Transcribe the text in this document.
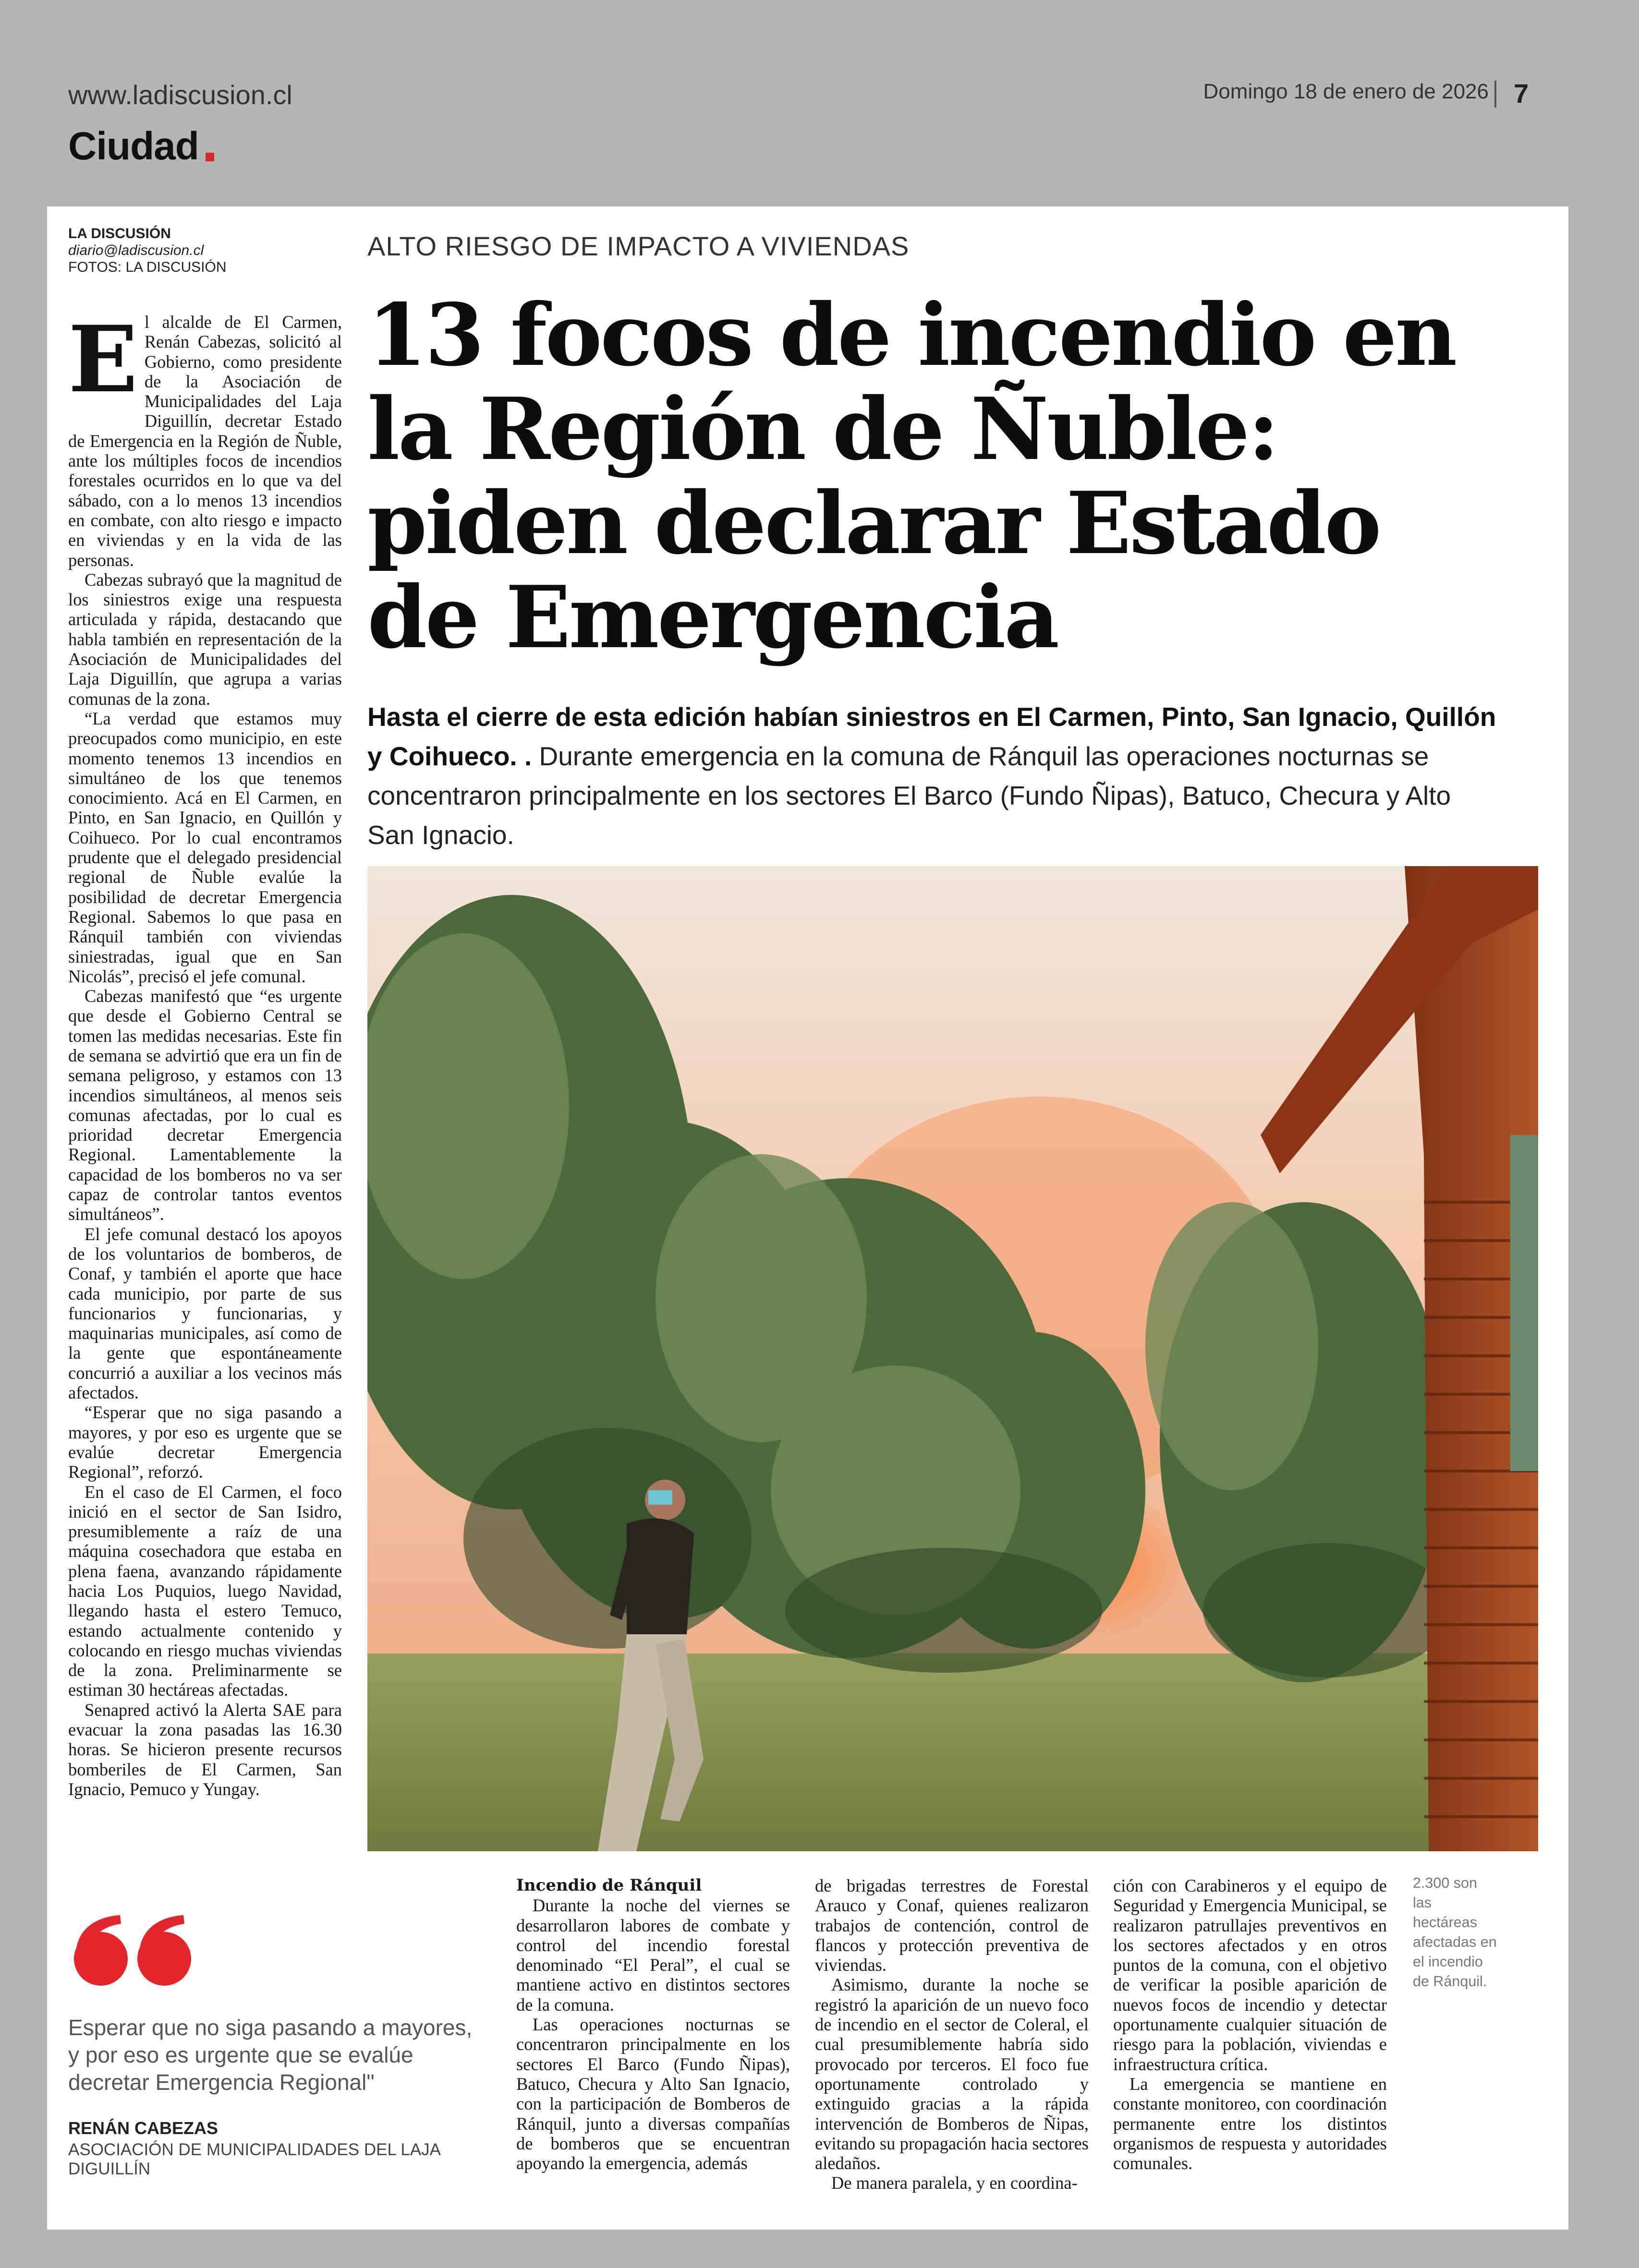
www.ladiscusion.cl	Domingo 18 de enero de 2026 7
Ciudad
LA DISCUSIÓN
diario@ladiscusion.cl
FOTOS: LA DISCUSIÓN
ALTO RIESGO DE IMPACTO A VIVIENDAS
13 focos de incendio en la Región de Ñuble: piden declarar Estado de Emergencia
Hasta el cierre de esta edición habían siniestros en El Carmen, Pinto, San Ignacio, Quillón y Coihueco. . Durante emergencia en la comuna de Ránquil las operaciones nocturnas se concentraron principalmente en los sectores El Barco (Fundo Ñipas), Batuco, Checura y Alto San Ignacio.
E l alcalde de El Carmen, Renán Cabezas, solicitó al Gobierno, como presidente de la Asociación de Municipalidades del Laja Diguillín, decretar Estado de Emergencia en la Región de Ñuble, ante los múltiples focos de incendios forestales ocurridos en lo que va del sábado, con a lo menos 13 incendios en combate, con alto riesgo e impacto en viviendas y en la vida de las personas.

Cabezas subrayó que la magnitud de los siniestros exige una respuesta articulada y rápida, destacando que habla también en representación de la Asociación de Municipalidades del Laja Diguillín, que agrupa a varias comunas de la zona.

“La verdad que estamos muy preocupados como municipio, en este momento tenemos 13 incendios en simultáneo de los que tenemos conocimiento. Acá en El Carmen, en Pinto, en San Ignacio, en Quillón y Coihueco. Por lo cual encontramos prudente que el delegado presidencial regional de Ñuble evalúe la posibilidad de decretar Emergencia Regional. Sabemos lo que pasa en Ránquil también con viviendas siniestradas, igual que en San Nicolás”, precisó el jefe comunal.

Cabezas manifestó que “es urgente que desde el Gobierno Central se tomen las medidas necesarias. Este fin de semana se advirtió que era un fin de semana peligroso, y estamos con 13 incendios simultáneos, al menos seis comunas afectadas, por lo cual es prioridad decretar Emergencia Regional. Lamentablemente la capacidad de los bomberos no va ser capaz de controlar tantos eventos simultáneos”.

El jefe comunal destacó los apoyos de los voluntarios de bomberos, de Conaf, y también el aporte que hace cada municipio, por parte de sus funcionarios y funcionarias, y maquinarias municipales, así como de la gente que espontáneamente concurrió a auxiliar a los vecinos más afectados.

“Esperar que no siga pasando a mayores, y por eso es urgente que se evalúe decretar Emergencia Regional”, reforzó.

En el caso de El Carmen, el foco inició en el sector de San Isidro, presumiblemente a raíz de una máquina cosechadora que estaba en plena faena, avanzando rápidamente hacia Los Puquios, luego Navidad, llegando hasta el estero Temuco, estando actualmente contenido y colocando en riesgo muchas viviendas de la zona. Preliminarmente se estiman 30 hectáreas afectadas.

Senapred activó la Alerta SAE para evacuar la zona pasadas las 16.30 horas. Se hicieron presente recursos bomberiles de El Carmen, San Ignacio, Pemuco y Yungay.

Esperar que no siga pasando a mayores, y por eso es urgente que se evalúe decretar Emergencia Regional"
RENÁN CABEZAS
ASOCIACIÓN DE MUNICIPALIDADES DEL LAJA DIGUILLÍN
2.300 son las hectáreas afectadas en el incendio de Ránquil.
Incendio de Ránquil

Durante la noche del viernes se desarrollaron labores de combate y control del incendio forestal denominado “El Peral”, el cual se mantiene activo en distintos sectores de la comuna.

Las operaciones nocturnas se concentraron principalmente en los sectores El Barco (Fundo Ñipas), Batuco, Checura y Alto San Ignacio, con la participación de Bomberos de Ránquil, junto a diversas compañías de bomberos que se encuentran apoyando la emergencia, además

de brigadas terrestres de Forestal Arauco y Conaf, quienes realizaron trabajos de contención, control de flancos y protección preventiva de viviendas.

Asimismo, durante la noche se registró la aparición de un nuevo foco de incendio en el sector de Coleral, el cual presumiblemente habría sido provocado por terceros. El foco fue oportunamente controlado y extinguido gracias a la rápida intervención de Bomberos de Ñipas, evitando su propagación hacia sectores aledaños.

De manera paralela, y en coordina-

ción con Carabineros y el equipo de Seguridad y Emergencia Municipal, se realizaron patrullajes preventivos en los sectores afectados y en otros puntos de la comuna, con el objetivo de verificar la posible aparición de nuevos focos de incendio y detectar oportunamente cualquier situación de riesgo para la población, viviendas e infraestructura crítica.

La emergencia se mantiene en constante monitoreo, con coordinación permanente entre los distintos organismos de respuesta y autoridades comunales.
